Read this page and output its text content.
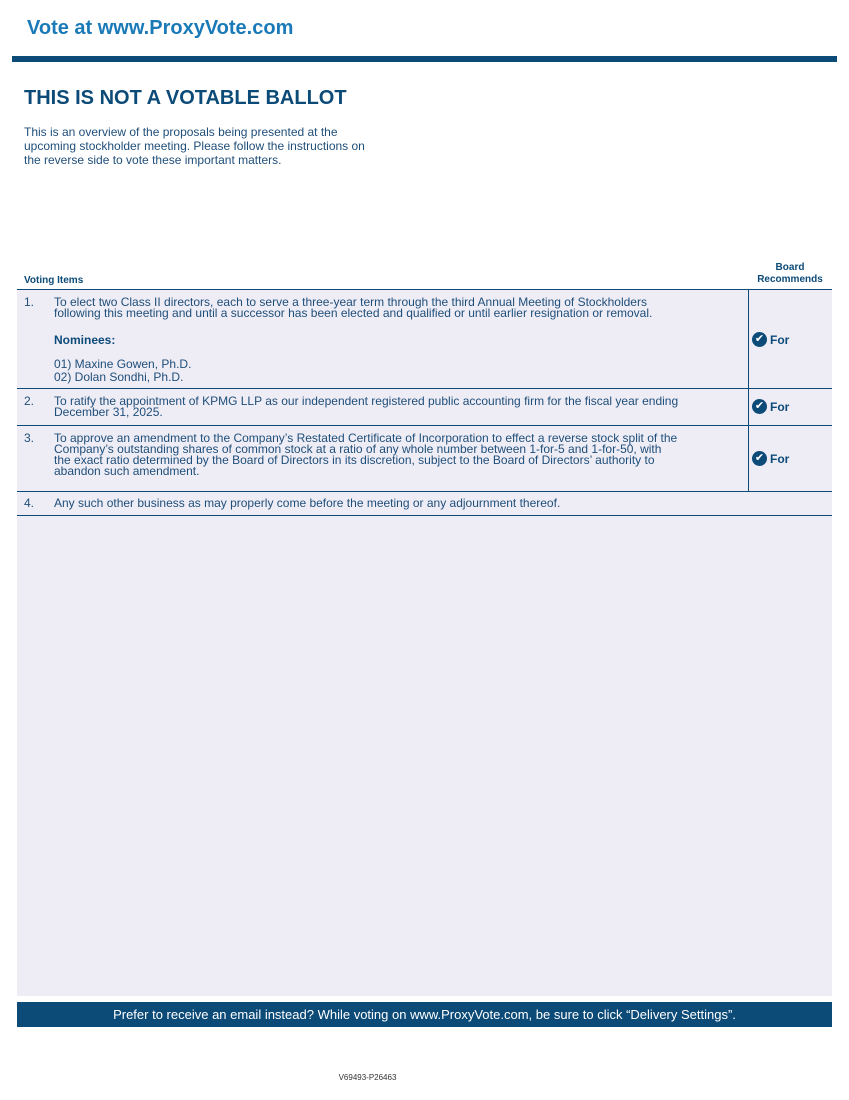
Vote at www.ProxyVote.com
THIS IS NOT A VOTABLE BALLOT

This is an overview of the proposals being presented at the
upcoming stockholder meeting. Please follow the instructions on
the reverse side to vote these important matters.

Voting Items
Board
Recommends
1. To elect two Class II directors, each to serve a three-year term through the third Annual Meeting of Stockholders
following this meeting and until a successor has been elected and qualified or until earlier resignation or removal.
Nominees:
01) Maxine Gowen, Ph.D.
02) Dolan Sondhi, Ph.D.
✔ For
2. To ratify the appointment of KPMG LLP as our independent registered public accounting firm for the fiscal year ending
December 31, 2025.	✔ For
3. To approve an amendment to the Company’s Restated Certificate of Incorporation to effect a reverse stock split of the
Company’s outstanding shares of common stock at a ratio of any whole number between 1-for-5 and 1-for-50, with
the exact ratio determined by the Board of Directors in its discretion, subject to the Board of Directors’ authority to
abandon such amendment.
✔ For
4. Any such other business as may properly come before the meeting or any adjournment thereof.
Prefer to receive an email instead? While voting on www.ProxyVote.com, be sure to click “Delivery Settings”.
V69493-P26463
